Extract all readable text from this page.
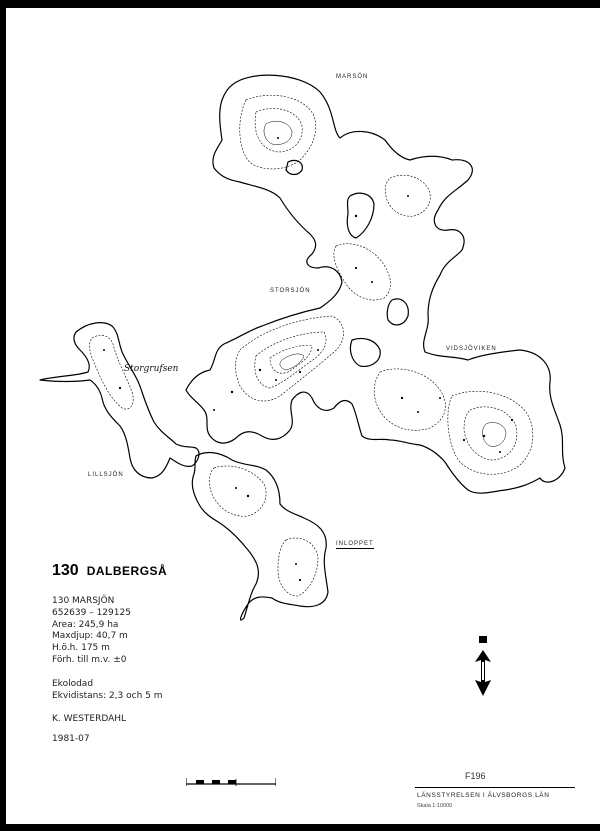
MARSÖN
STORSJÖN
VIDSJÖVIKEN
INLOPPET
LILLSJÖN
Storgrufsen
130 DALBERGSÅ
130 MARSJÖN
652639 – 129125
Area: 245,9 ha
Maxdjup: 40,7 m
H.ö.h. 175 m
Förh. till m.v. ±0
Ekolodad
Ekvidistans: 2,3 och 5 m
K. WESTERDAHL
1981-07
F196
LÄNSSTYRELSEN I ÄLVSBORGS LÄN
Skala 1:10000
